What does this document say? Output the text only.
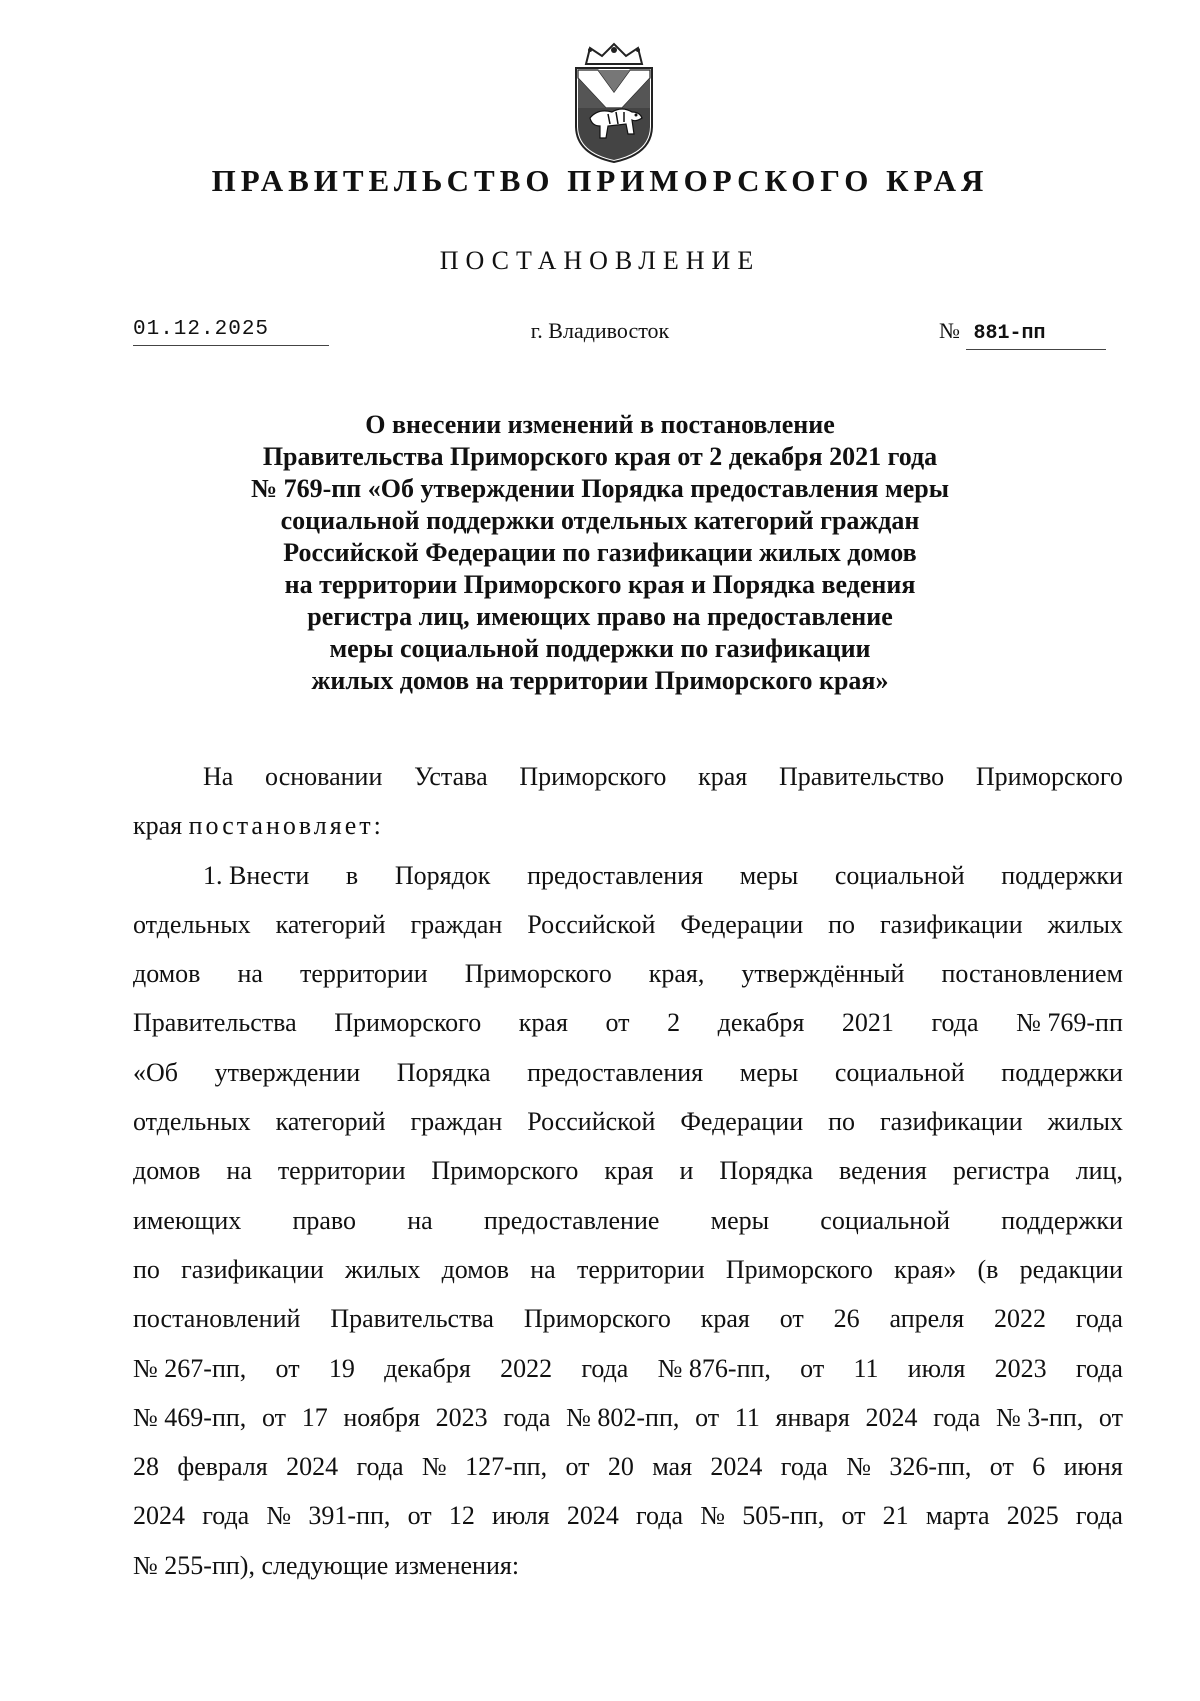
ПРАВИТЕЛЬСТВО ПРИМОРСКОГО КРАЯ
ПОСТАНОВЛЕНИЕ
01.12.2025	г. Владивосток	№ 881-пп
О внесении изменений в постановление
Правительства Приморского края от 2 декабря 2021 года
№ 769-пп «Об утверждении Порядка предоставления меры
социальной поддержки отдельных категорий граждан
Российской Федерации по газификации жилых домов
на территории Приморского края и Порядка ведения
регистра лиц, имеющих право на предоставление
меры социальной поддержки по газификации
жилых домов на территории Приморского края»
На основании Устава Приморского края Правительство Приморского
края постановляет:
1. Внести в Порядок предоставления меры социальной поддержки
отдельных категорий граждан Российской Федерации по газификации жилых
домов на территории Приморского края, утверждённый постановлением
Правительства Приморского края от 2 декабря 2021 года № 769-пп
«Об утверждении Порядка предоставления меры социальной поддержки
отдельных категорий граждан Российской Федерации по газификации жилых
домов на территории Приморского края и Порядка ведения регистра лиц,
имеющих право на предоставление меры социальной поддержки
по газификации жилых домов на территории Приморского края» (в редакции
постановлений Правительства Приморского края от 26 апреля 2022 года
№ 267-пп, от 19 декабря 2022 года № 876-пп, от 11 июля 2023 года
№ 469-пп, от 17 ноября 2023 года № 802-пп, от 11 января 2024 года № 3-пп, от
28 февраля 2024 года № 127-пп, от 20 мая 2024 года № 326-пп, от 6 июня
2024 года № 391-пп, от 12 июля 2024 года № 505-пп, от 21 марта 2025 года
№ 255-пп), следующие изменения:
